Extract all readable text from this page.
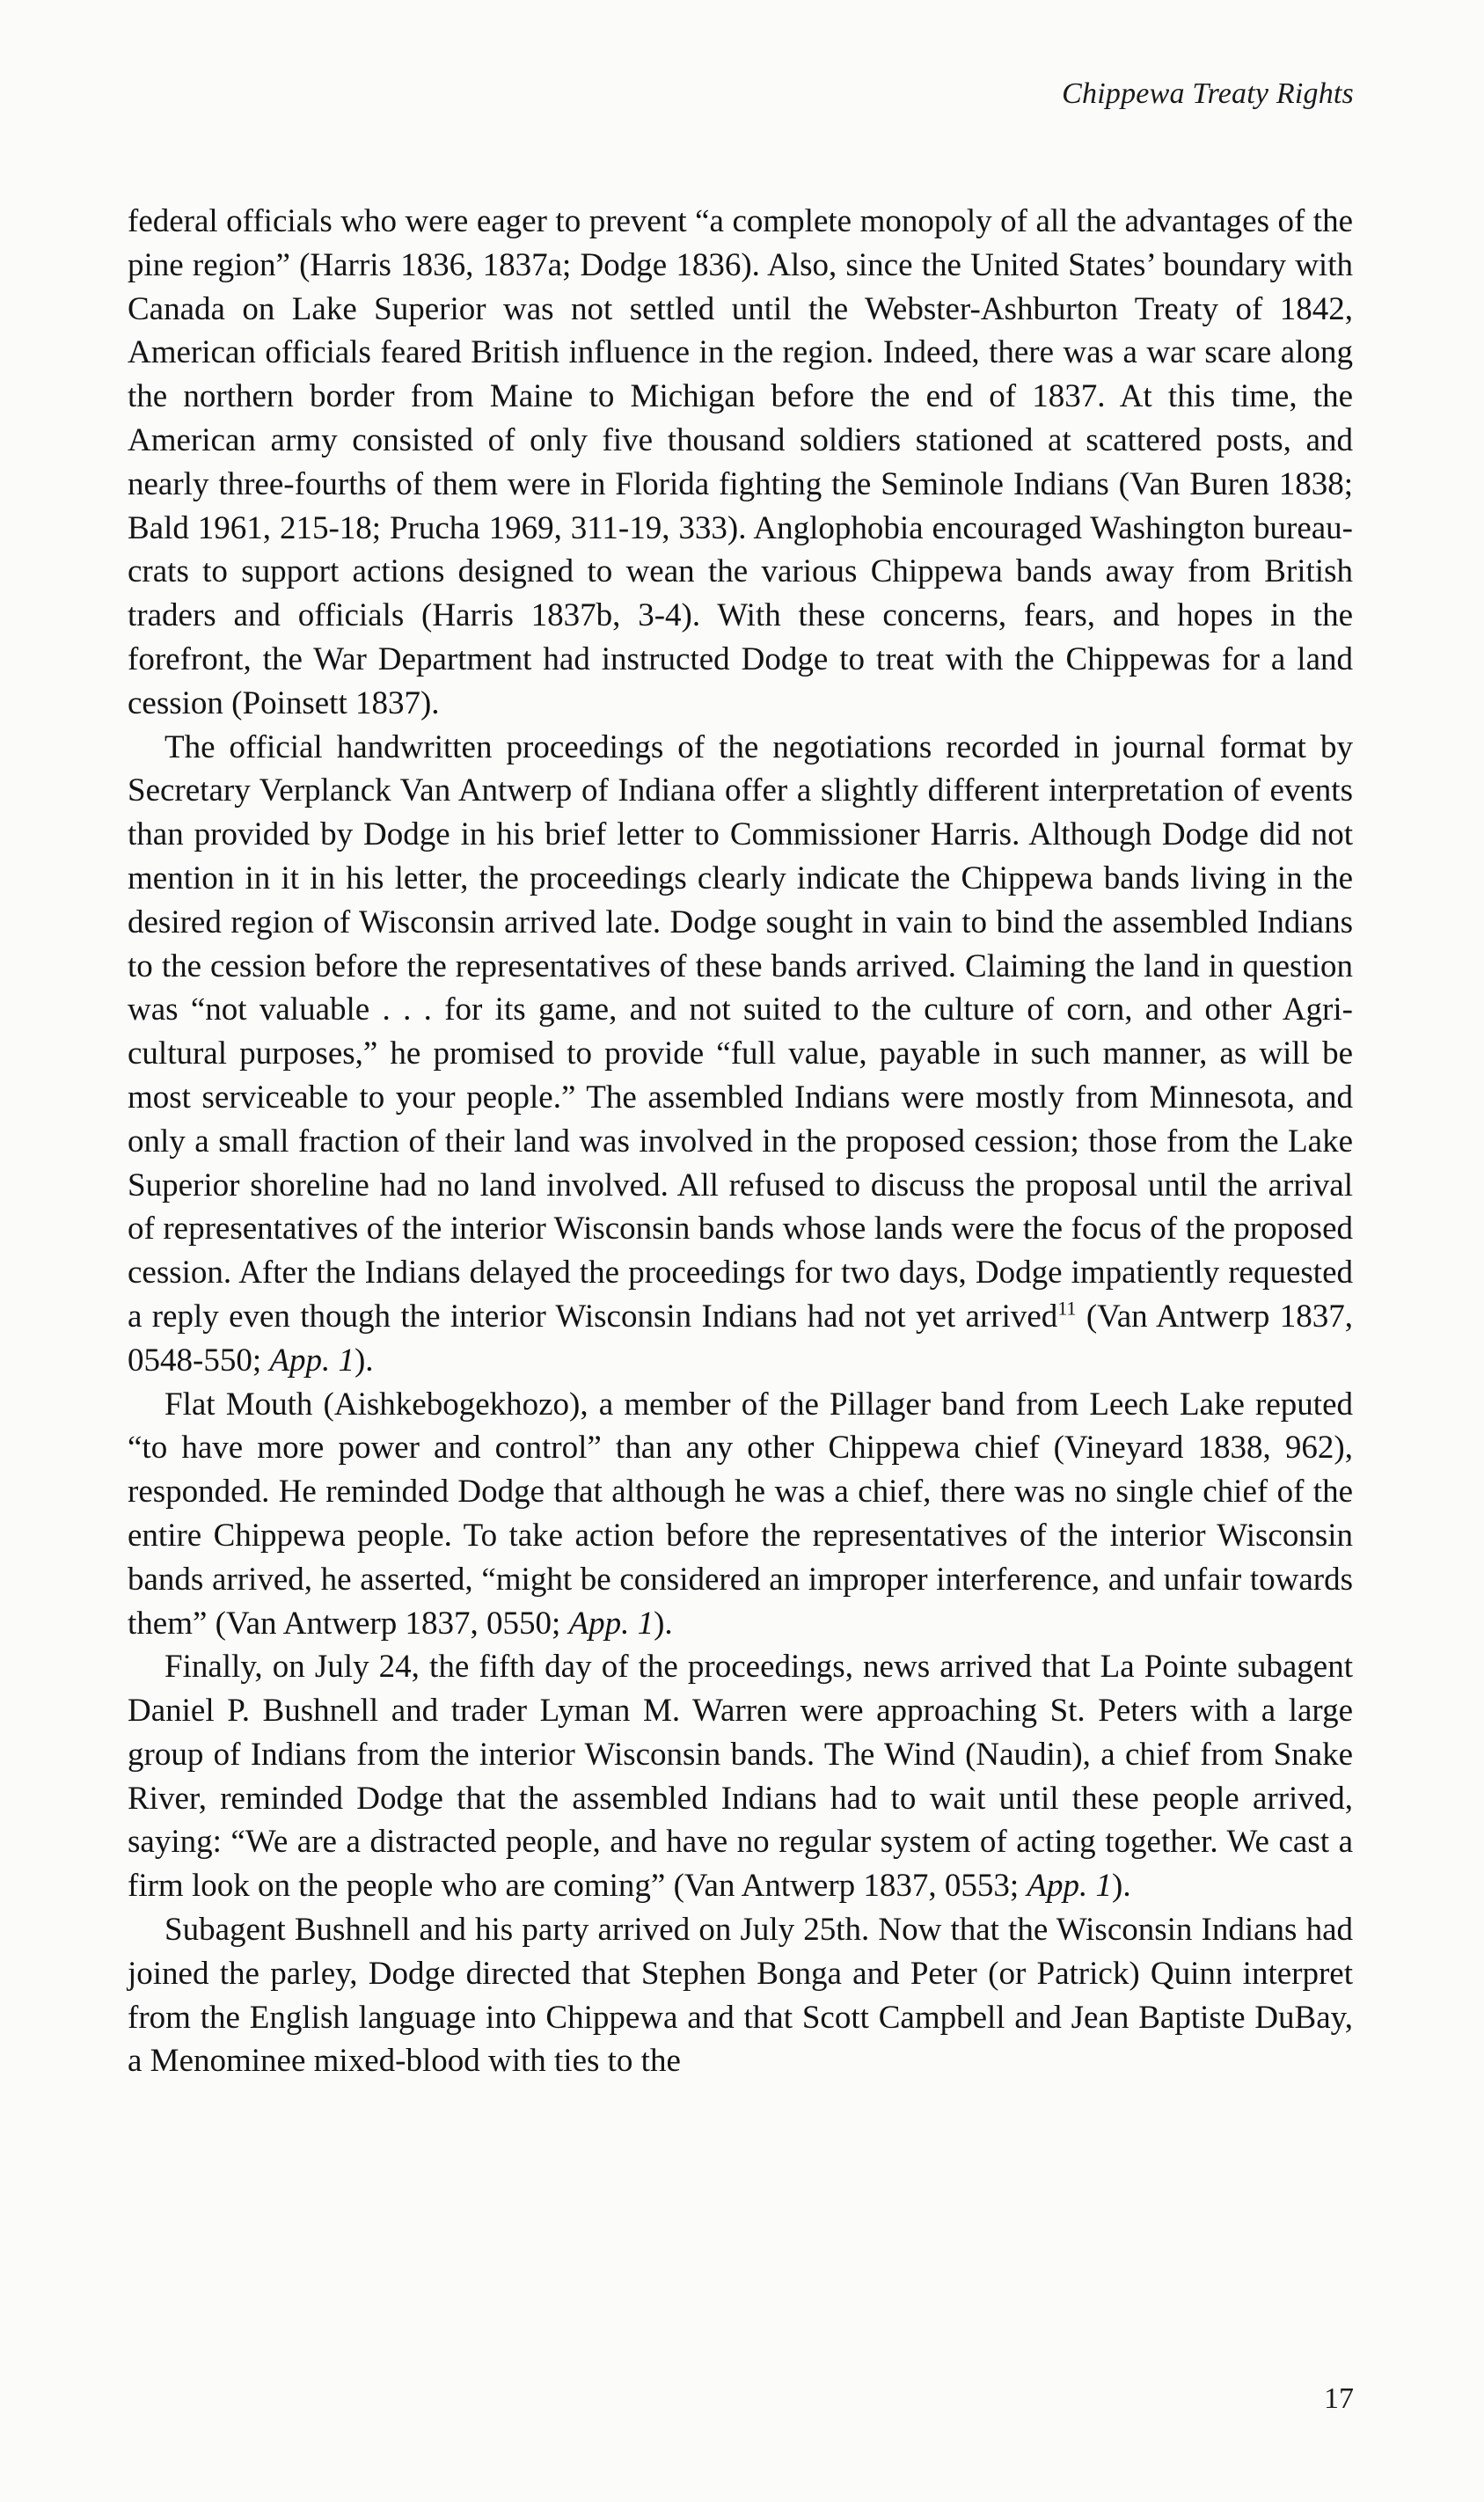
Chippewa Treaty Rights

federal officials who were eager to prevent “a complete monopoly of all the advantages of the pine region” (Harris 1836, 1837a; Dodge 1836). Also, since the United States’ boundary with Canada on Lake Superior was not settled until the Webster-Ashburton Treaty of 1842, American officials feared British influence in the region. Indeed, there was a war scare along the northern border from Maine to Michigan before the end of 1837. At this time, the American army consisted of only five thousand soldiers stationed at scattered posts, and nearly three-fourths of them were in Florida fighting the Seminole Indians (Van Buren 1838; Bald 1961, 215-18; Prucha 1969, 311-19, 333). Anglophobia encouraged Washington bureaucrats to support actions designed to wean the various Chippewa bands away from British traders and officials (Harris 1837b, 3-4). With these concerns, fears, and hopes in the forefront, the War Department had instructed Dodge to treat with the Chippewas for a land cession (Poinsett 1837).

The official handwritten proceedings of the negotiations recorded in journal format by Secretary Verplanck Van Antwerp of Indiana offer a slightly different interpretation of events than provided by Dodge in his brief letter to Commissioner Harris. Although Dodge did not mention in it in his letter, the proceedings clearly indicate the Chippewa bands living in the desired region of Wisconsin arrived late. Dodge sought in vain to bind the assembled Indians to the cession before the representatives of these bands arrived. Claiming the land in question was “not valuable . . . for its game, and not suited to the culture of corn, and other Agricultural purposes,” he promised to provide “full value, payable in such manner, as will be most serviceable to your people.” The assembled Indians were mostly from Minnesota, and only a small fraction of their land was involved in the proposed cession; those from the Lake Superior shoreline had no land involved. All refused to discuss the proposal until the arrival of representatives of the interior Wisconsin bands whose lands were the focus of the proposed cession. After the Indians delayed the proceedings for two days, Dodge impatiently requested a reply even though the interior Wisconsin Indians had not yet arrived$^{11}$ (Van Antwerp 1837, 0548-550; App. 1).

Flat Mouth (Aishkebogekhozo), a member of the Pillager band from Leech Lake reputed “to have more power and control” than any other Chippewa chief (Vineyard 1838, 962), responded. He reminded Dodge that although he was a chief, there was no single chief of the entire Chippewa people. To take action before the representatives of the interior Wisconsin bands arrived, he asserted, “might be considered an improper interference, and unfair towards them” (Van Antwerp 1837, 0550; App. 1).

Finally, on July 24, the fifth day of the proceedings, news arrived that La Pointe subagent Daniel P. Bushnell and trader Lyman M. Warren were approaching St. Peters with a large group of Indians from the interior Wisconsin bands. The Wind (Naudin), a chief from Snake River, reminded Dodge that the assembled Indians had to wait until these people arrived, saying: “We are a distracted people, and have no regular system of acting together. We cast a firm look on the people who are coming” (Van Antwerp 1837, 0553; App. 1).

Subagent Bushnell and his party arrived on July 25th. Now that the Wisconsin Indians had joined the parley, Dodge directed that Stephen Bonga and Peter (or Patrick) Quinn interpret from the English language into Chippewa and that Scott Campbell and Jean Baptiste DuBay, a Menominee mixed-blood with ties to the

17
